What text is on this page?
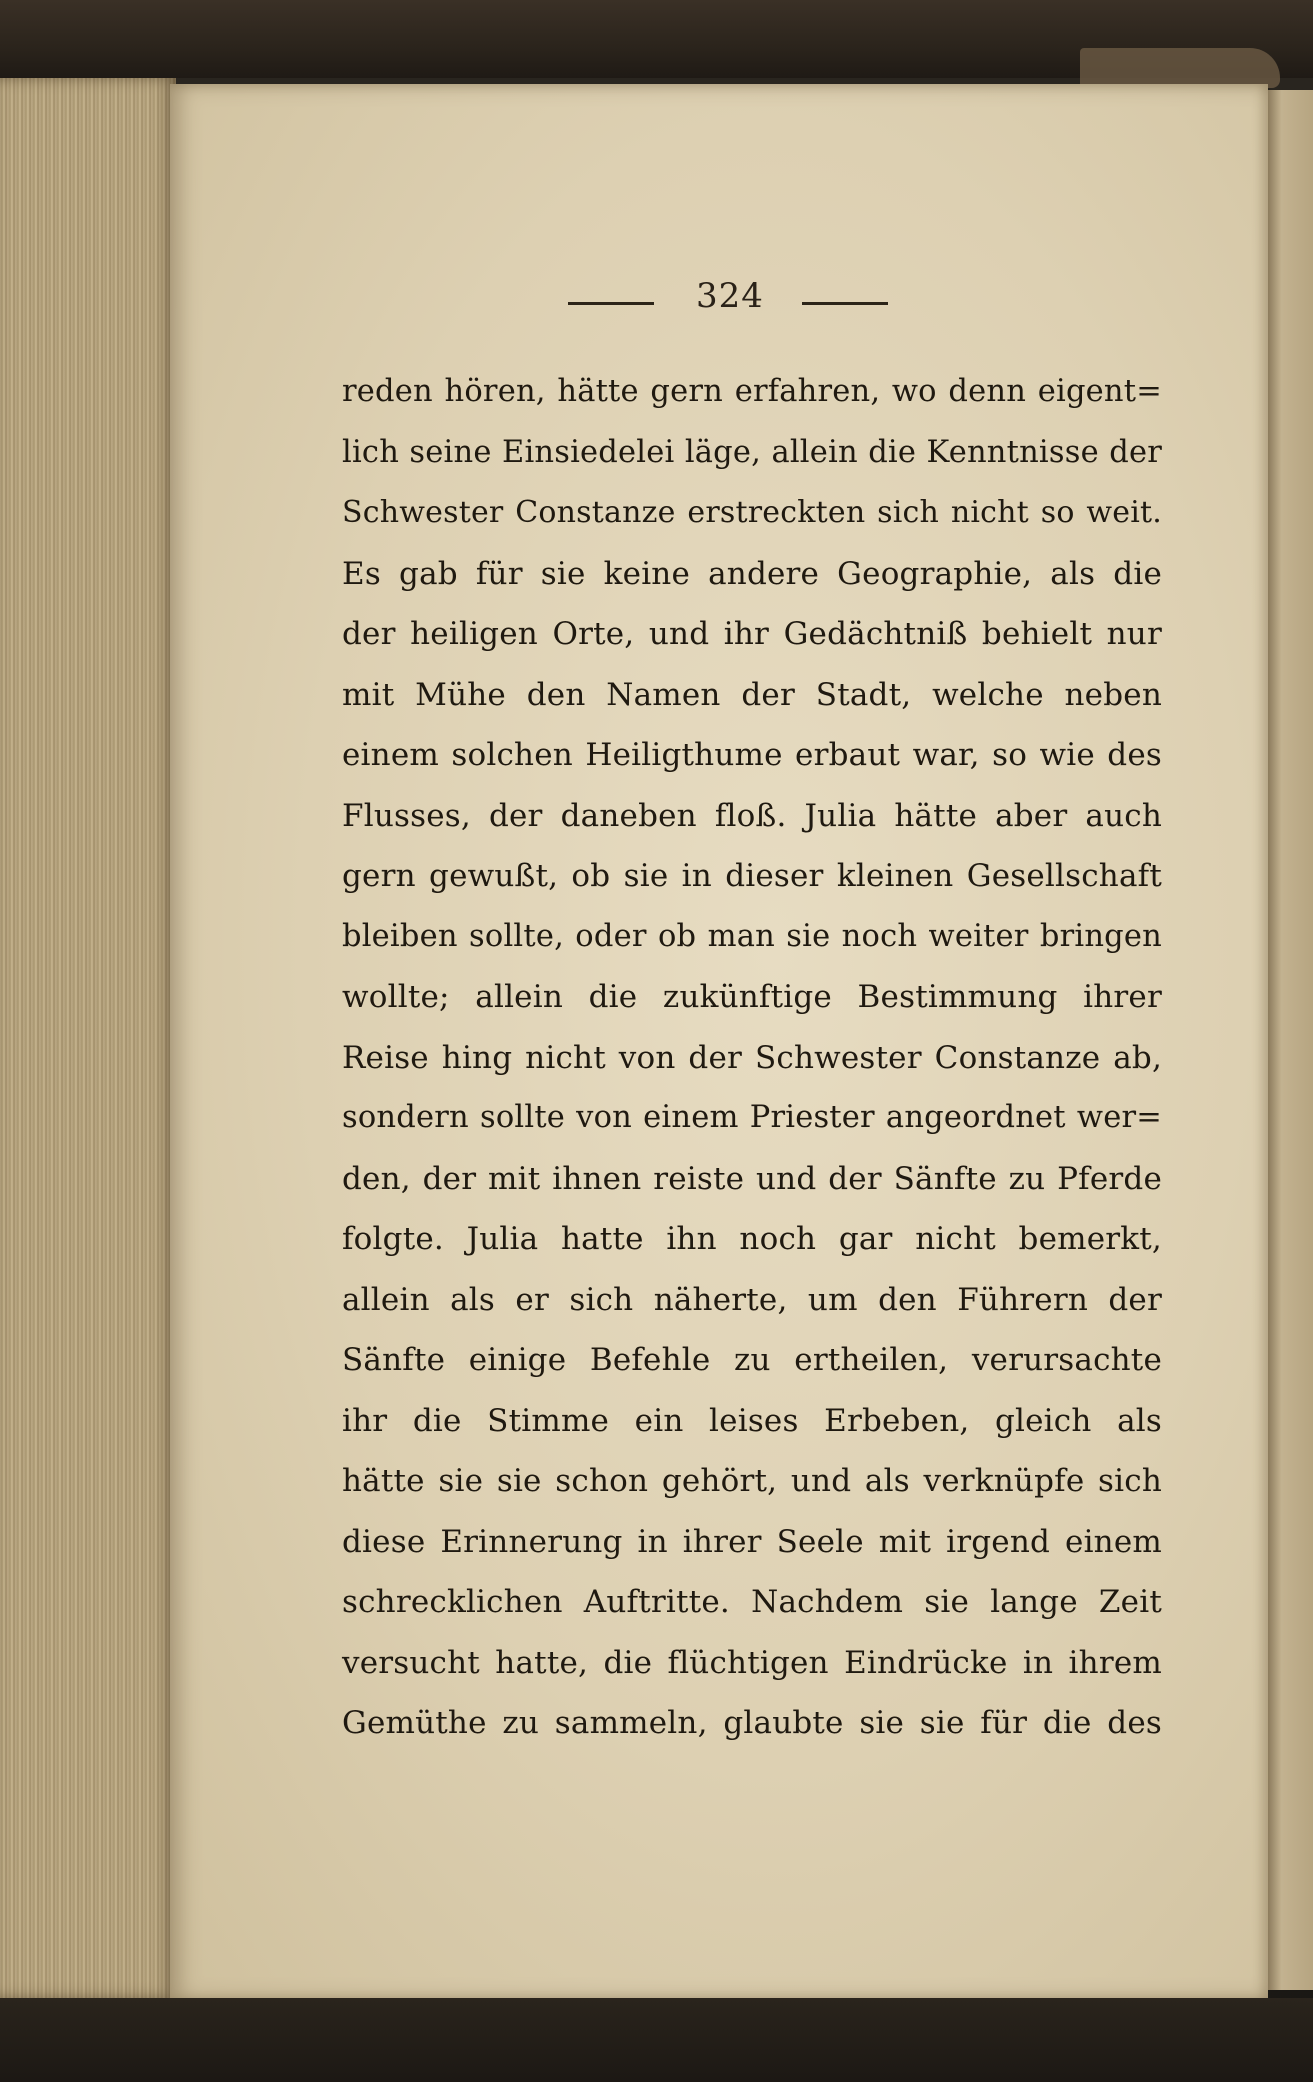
324
reden hören, hätte gern erfahren, wo denn eigent=
lich seine Einsiedelei läge, allein die Kenntnisse der
Schwester Constanze erstreckten sich nicht so weit.
Es gab für sie keine andere Geographie, als die
der heiligen Orte, und ihr Gedächtniß behielt nur
mit Mühe den Namen der Stadt, welche neben
einem solchen Heiligthume erbaut war, so wie des
Flusses, der daneben floß. Julia hätte aber auch
gern gewußt, ob sie in dieser kleinen Gesellschaft
bleiben sollte, oder ob man sie noch weiter bringen
wollte; allein die zukünftige Bestimmung ihrer
Reise hing nicht von der Schwester Constanze ab,
sondern sollte von einem Priester angeordnet wer=
den, der mit ihnen reiste und der Sänfte zu Pferde
folgte. Julia hatte ihn noch gar nicht bemerkt,
allein als er sich näherte, um den Führern der
Sänfte einige Befehle zu ertheilen, verursachte
ihr die Stimme ein leises Erbeben, gleich als
hätte sie sie schon gehört, und als verknüpfe sich
diese Erinnerung in ihrer Seele mit irgend einem
schrecklichen Auftritte. Nachdem sie lange Zeit
versucht hatte, die flüchtigen Eindrücke in ihrem
Gemüthe zu sammeln, glaubte sie sie für die des
